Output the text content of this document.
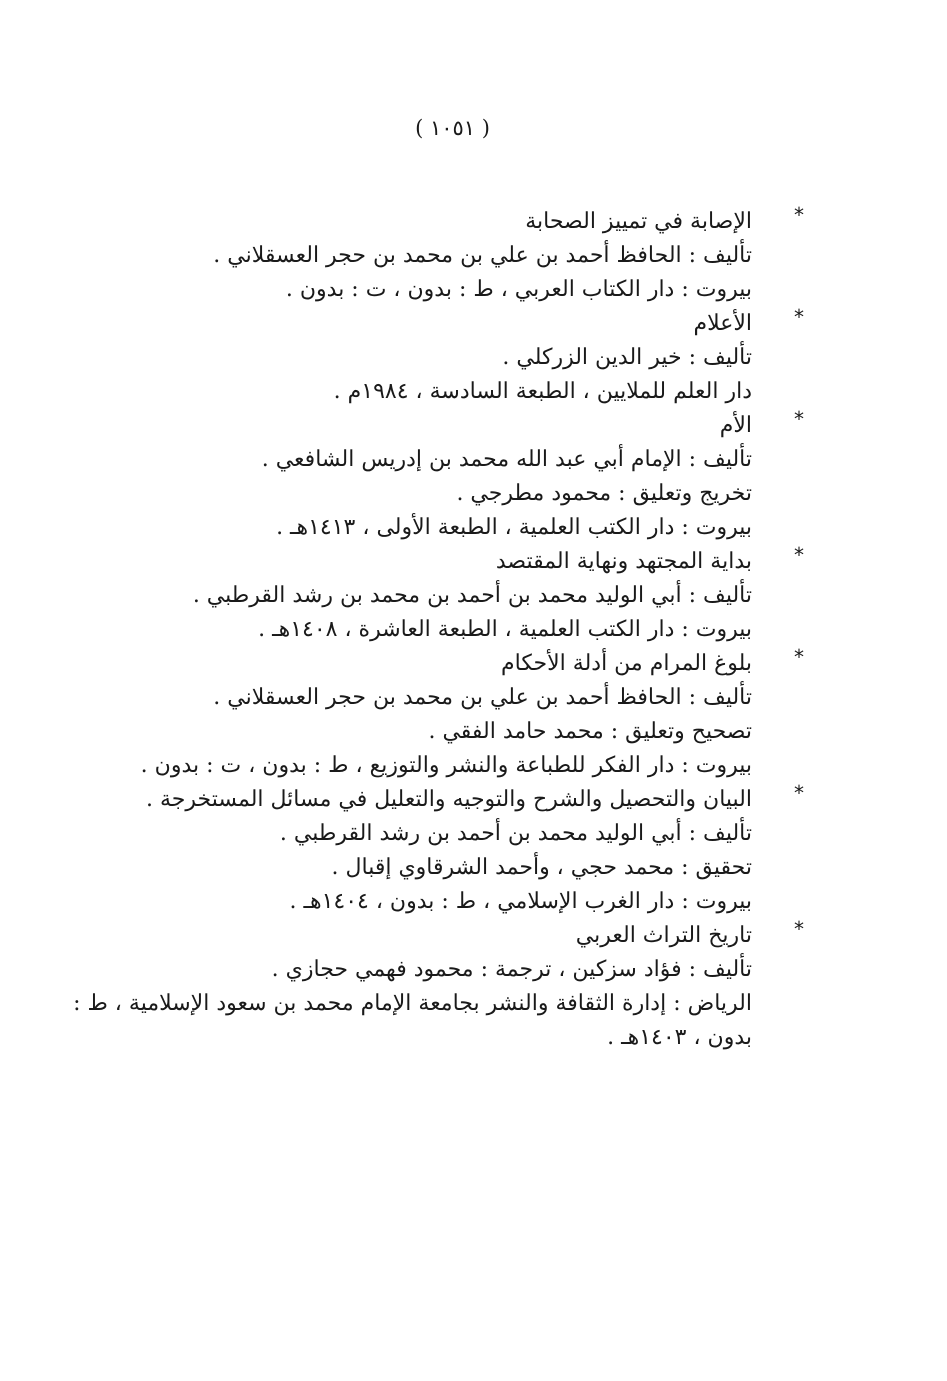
( ١٠٥١ )
*
الإصابة في تمييز الصحابة
تأليف : الحافظ أحمد بن علي بن محمد بن حجر العسقلاني .
بيروت : دار الكتاب العربي ، ط : بدون ، ت : بدون .
*
الأعلام
تأليف : خير الدين الزركلي .
دار العلم للملايين ، الطبعة السادسة ، ١٩٨٤م .
*
الأم
تأليف : الإمام أبي عبد الله محمد بن إدريس الشافعي .
تخريج وتعليق : محمود مطرجي .
بيروت : دار الكتب العلمية ، الطبعة الأولى ، ١٤١٣هـ .
*
بداية المجتهد ونهاية المقتصد
تأليف : أبي الوليد محمد بن أحمد بن محمد بن رشد القرطبي .
بيروت : دار الكتب العلمية ، الطبعة العاشرة ، ١٤٠٨هـ .
*
بلوغ المرام من أدلة الأحكام
تأليف : الحافظ أحمد بن علي بن محمد بن حجر العسقلاني .
تصحيح وتعليق : محمد حامد الفقي .
بيروت : دار الفكر للطباعة والنشر والتوزيع ، ط : بدون ، ت : بدون .
*
البيان والتحصيل والشرح والتوجيه والتعليل في مسائل المستخرجة .
تأليف : أبي الوليد محمد بن أحمد بن رشد القرطبي .
تحقيق : محمد حجي ، وأحمد الشرقاوي إقبال .
بيروت : دار الغرب الإسلامي ، ط : بدون ، ١٤٠٤هـ .
*
تاريخ التراث العربي
تأليف : فؤاد سزكين ، ترجمة : محمود فهمي حجازي .
الرياض : إدارة الثقافة والنشر بجامعة الإمام محمد بن سعود الإسلامية ، ط :
بدون ، ١٤٠٣هـ .
